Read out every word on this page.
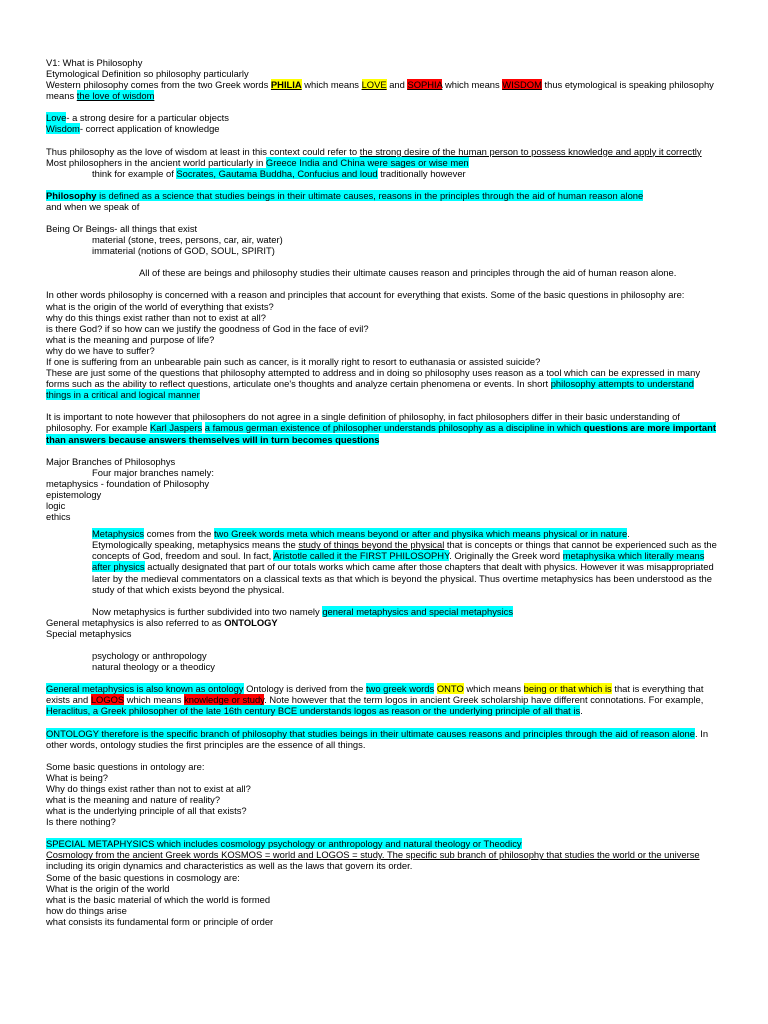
V1: What is Philosophy

Etymological Definition so philosophy particularly

Western philosophy comes from the two Greek words PHILIA which means LOVE and SOPHIA which means WISDOM thus etymological is speaking philosophy means the love of wisdom

Love- a strong desire for a particular objects

Wisdom- correct application of knowledge

Thus philosophy as the love of wisdom at least in this context could refer to the strong desire of the human person to possess knowledge and apply it correctly

Most philosophers in the ancient world particularly in Greece India and China were sages or wise men

think for example of Socrates, Gautama Buddha, Confucius and loud traditionally however

Philosophy is defined as a science that studies beings in their ultimate causes, reasons in the principles through the aid of human reason alone

and when we speak of

Being Or Beings- all things that exist

material (stone, trees, persons, car, air, water)

immaterial (notions of GOD, SOUL, SPIRIT)

All of these are beings and philosophy studies their ultimate causes reason and principles through the aid of human reason alone.

In other words philosophy is concerned with a reason and principles that account for everything that exists. Some of the basic questions in philosophy are:

what is the origin of the world of everything that exists?

why do this things exist rather than not to exist at all?

is there God? if so how can we justify the goodness of God in the face of evil?

what is the meaning and purpose of life?

why do we have to suffer?

If one is suffering from an unbearable pain such as cancer, is it morally right to resort to euthanasia or assisted suicide?

These are just some of the questions that philosophy attempted to address and in doing so philosophy uses reason as a tool which can be expressed in many forms such as the ability to reflect questions, articulate one's thoughts and analyze certain phenomena or events. In short philosophy attempts to understand things in a critical and logical manner

It is important to note however that philosophers do not agree in a single definition of philosophy, in fact philosophers differ in their basic understanding of philosophy. For example Karl Jaspers a famous german existence of philosopher understands philosophy as a discipline in which questions are more important than answers because answers themselves will in turn becomes questions

Major Branches of Philosophys

Four major branches namely:

metaphysics - foundation of Philosophy

epistemology

logic

ethics

Metaphysics comes from the two Greek words meta which means beyond or after and physika which means physical or in nature.

Etymologically speaking, metaphysics means the study of things beyond the physical that is concepts or things that cannot be experienced such as the concepts of God, freedom and soul. In fact, Aristotle called it the FIRST PHILOSOPHY. Originally the Greek word metaphysika which literally means after physics actually designated that part of our totals works which came after those chapters that dealt with physics. However it was misappropriated later by the medieval commentators on a classical texts as that which is beyond the physical. Thus overtime metaphysics has been understood as the study of that which exists beyond the physical.

Now metaphysics is further subdivided into two namely general metaphysics and special metaphysics

General metaphysics is also referred to as ONTOLOGY

Special metaphysics

psychology or anthropology

natural theology or a theodicy

General metaphysics is also known as ontology Ontology is derived from the two greek words ONTO which means being or that which is that is everything that exists and LOGOS which means knowledge or study. Note however that the term logos in ancient Greek scholarship have different connotations. For example, Heraclitus, a Greek philosopher of the late 16th century BCE understands logos as reason or the underlying principle of all that is.

ONTOLOGY therefore is the specific branch of philosophy that studies beings in their ultimate causes reasons and principles through the aid of reason alone. In other words, ontology studies the first principles are the essence of all things.

Some basic questions in ontology are:

What is being?

Why do things exist rather than not to exist at all?

what is the meaning and nature of reality?

what is the underlying principle of all that exists?

Is there nothing?

SPECIAL METAPHYSICS which includes cosmology psychology or anthropology and natural theology or Theodicy

Cosmology from the ancient Greek words KOSMOS = world and LOGOS = study. The specific sub branch of philosophy that studies the world or the universe including its origin dynamics and characteristics as well as the laws that govern its order.

Some of the basic questions in cosmology are:

What is the origin of the world

what is the basic material of which the world is formed

how do things arise

what consists its fundamental form or principle of order
